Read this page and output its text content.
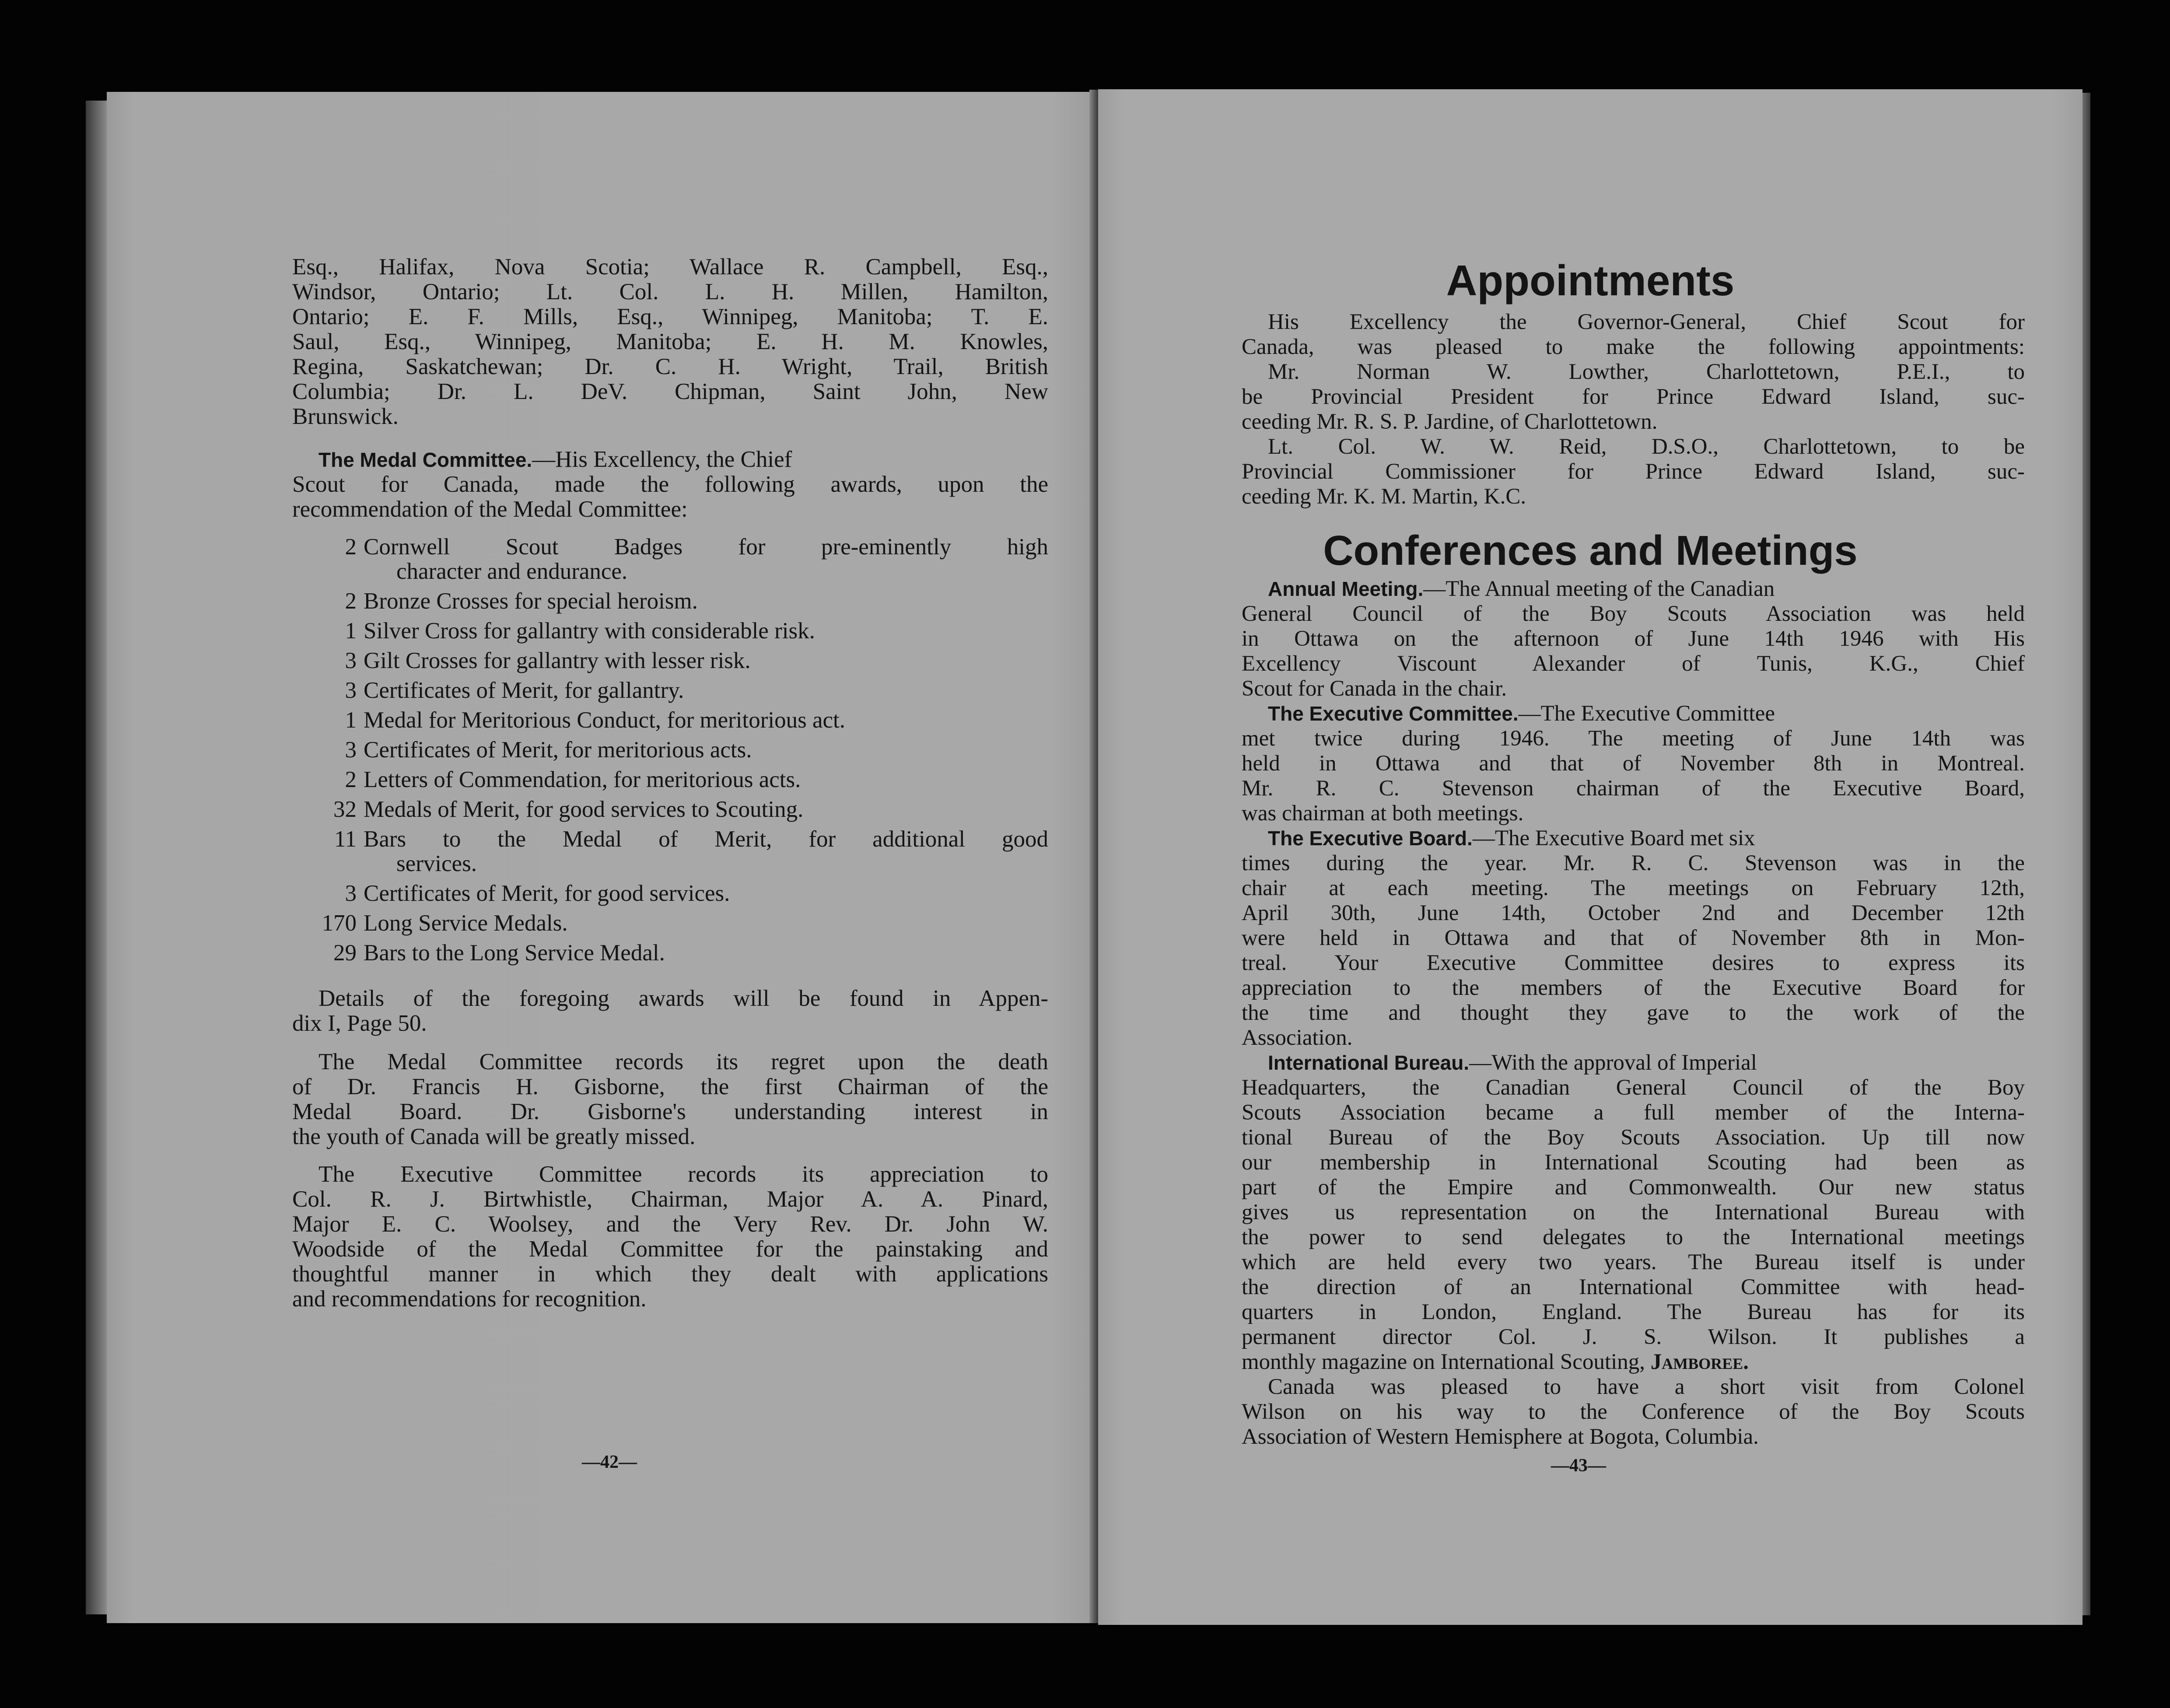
Esq., Halifax, Nova Scotia; Wallace R. Campbell, Esq.,

Windsor, Ontario; Lt. Col. L. H. Millen, Hamilton,

Ontario; E. F. Mills, Esq., Winnipeg, Manitoba; T. E.

Saul, Esq., Winnipeg, Manitoba; E. H. M. Knowles,

Regina, Saskatchewan; Dr. C. H. Wright, Trail, British

Columbia; Dr. L. DeV. Chipman, Saint John, New

Brunswick.

The Medal Committee.—His Excellency, the Chief

Scout for Canada, made the following awards, upon the

recommendation of the Medal Committee:

2 Cornwell Scout Badges for pre-eminently high

character and endurance.

2 Bronze Crosses for special heroism.

1 Silver Cross for gallantry with considerable risk.

3 Gilt Crosses for gallantry with lesser risk.

3 Certificates of Merit, for gallantry.

1 Medal for Meritorious Conduct, for meritorious act.

3 Certificates of Merit, for meritorious acts.

2 Letters of Commendation, for meritorious acts.

32 Medals of Merit, for good services to Scouting.

11 Bars to the Medal of Merit, for additional good

services.

3 Certificates of Merit, for good services.

170 Long Service Medals.

29 Bars to the Long Service Medal.

Details of the foregoing awards will be found in Appen-

dix I, Page 50.

The Medal Committee records its regret upon the death

of Dr. Francis H. Gisborne, the first Chairman of the

Medal Board. Dr. Gisborne's understanding interest in

the youth of Canada will be greatly missed.

The Executive Committee records its appreciation to

Col. R. J. Birtwhistle, Chairman, Major A. A. Pinard,

Major E. C. Woolsey, and the Very Rev. Dr. John W.

Woodside of the Medal Committee for the painstaking and

thoughtful manner in which they dealt with applications

and recommendations for recognition.

—42—

Appointments

His Excellency the Governor-General, Chief Scout for

Canada, was pleased to make the following appointments:

Mr. Norman W. Lowther, Charlottetown, P.E.I., to

be Provincial President for Prince Edward Island, suc-

ceeding Mr. R. S. P. Jardine, of Charlottetown.

Lt. Col. W. W. Reid, D.S.O., Charlottetown, to be

Provincial Commissioner for Prince Edward Island, suc-

ceeding Mr. K. M. Martin, K.C.

Conferences and Meetings

Annual Meeting.—The Annual meeting of the Canadian

General Council of the Boy Scouts Association was held

in Ottawa on the afternoon of June 14th 1946 with His

Excellency Viscount Alexander of Tunis, K.G., Chief

Scout for Canada in the chair.

The Executive Committee.—The Executive Committee

met twice during 1946. The meeting of June 14th was

held in Ottawa and that of November 8th in Montreal.

Mr. R. C. Stevenson chairman of the Executive Board,

was chairman at both meetings.

The Executive Board.—The Executive Board met six

times during the year. Mr. R. C. Stevenson was in the

chair at each meeting. The meetings on February 12th,

April 30th, June 14th, October 2nd and December 12th

were held in Ottawa and that of November 8th in Mon-

treal. Your Executive Committee desires to express its

appreciation to the members of the Executive Board for

the time and thought they gave to the work of the

Association.

International Bureau.—With the approval of Imperial

Headquarters, the Canadian General Council of the Boy

Scouts Association became a full member of the Interna-

tional Bureau of the Boy Scouts Association. Up till now

our membership in International Scouting had been as

part of the Empire and Commonwealth. Our new status

gives us representation on the International Bureau with

the power to send delegates to the International meetings

which are held every two years. The Bureau itself is under

the direction of an International Committee with head-

quarters in London, England. The Bureau has for its

permanent director Col. J. S. Wilson. It publishes a

monthly magazine on International Scouting, Jamboree.

Canada was pleased to have a short visit from Colonel

Wilson on his way to the Conference of the Boy Scouts

Association of Western Hemisphere at Bogota, Columbia.

—43—
